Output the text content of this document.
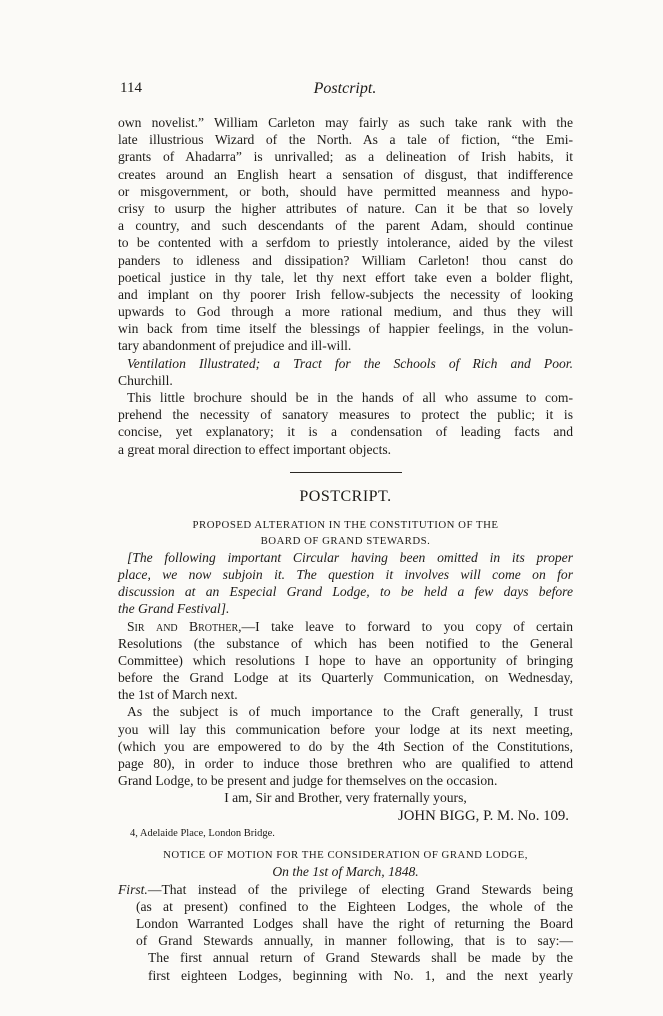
114	Postcript.
own novelist.” William Carleton may fairly as such take rank with the
late illustrious Wizard of the North. As a tale of fiction, “the Emi-
grants of Ahadarra” is unrivalled; as a delineation of Irish habits, it
creates around an English heart a sensation of disgust, that indifference
or misgovernment, or both, should have permitted meanness and hypo-
crisy to usurp the higher attributes of nature. Can it be that so lovely
a country, and such descendants of the parent Adam, should continue
to be contented with a serfdom to priestly intolerance, aided by the vilest
panders to idleness and dissipation? William Carleton! thou canst do
poetical justice in thy tale, let thy next effort take even a bolder flight,
and implant on thy poorer Irish fellow-subjects the necessity of looking
upwards to God through a more rational medium, and thus they will
win back from time itself the blessings of happier feelings, in the volun-
tary abandonment of prejudice and ill-will.
Ventilation Illustrated; a Tract for the Schools of Rich and Poor.
Churchill.
This little brochure should be in the hands of all who assume to com-
prehend the necessity of sanatory measures to protect the public; it is
concise, yet explanatory; it is a condensation of leading facts and
a great moral direction to effect important objects.
POSTCRIPT.
PROPOSED ALTERATION IN THE CONSTITUTION OF THE
BOARD OF GRAND STEWARDS.
[The following important Circular having been omitted in its proper
place, we now subjoin it. The question it involves will come on for
discussion at an Especial Grand Lodge, to be held a few days before
the Grand Festival].
Sir and Brother,—I take leave to forward to you copy of certain
Resolutions (the substance of which has been notified to the General
Committee) which resolutions I hope to have an opportunity of bringing
before the Grand Lodge at its Quarterly Communication, on Wednesday,
the 1st of March next.
As the subject is of much importance to the Craft generally, I trust
you will lay this communication before your lodge at its next meeting,
(which you are empowered to do by the 4th Section of the Constitutions,
page 80), in order to induce those brethren who are qualified to attend
Grand Lodge, to be present and judge for themselves on the occasion.
I am, Sir and Brother, very fraternally yours,
JOHN BIGG, P. M. No. 109.
4, Adelaide Place, London Bridge.
NOTICE OF MOTION FOR THE CONSIDERATION OF GRAND LODGE,
On the 1st of March, 1848.
First.—That instead of the privilege of electing Grand Stewards being
(as at present) confined to the Eighteen Lodges, the whole of the
London Warranted Lodges shall have the right of returning the Board
of Grand Stewards annually, in manner following, that is to say:—
The first annual return of Grand Stewards shall be made by the
first eighteen Lodges, beginning with No. 1, and the next yearly
